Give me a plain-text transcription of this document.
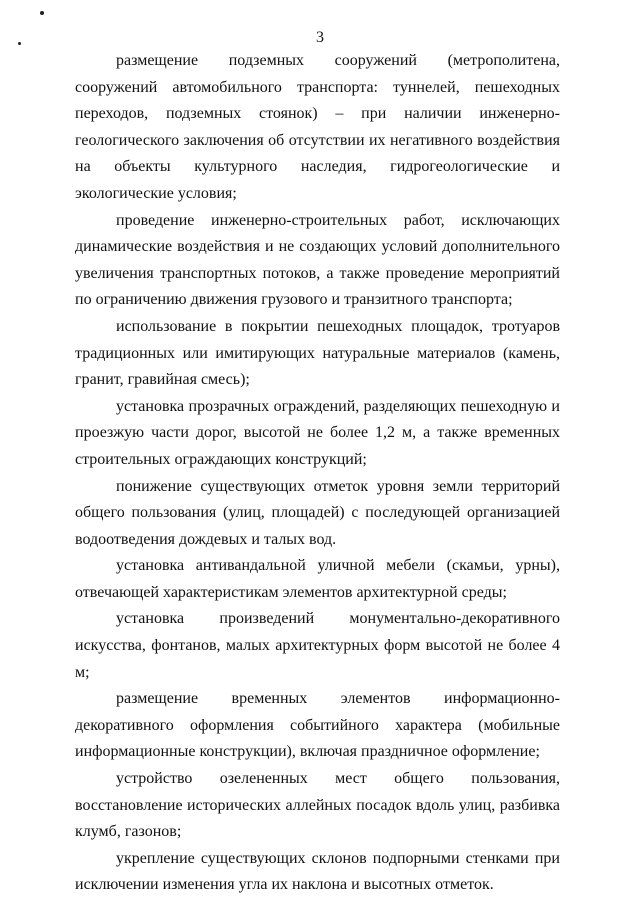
3

размещение подземных сооружений (метрополитена, сооружений автомобильного транспорта: туннелей, пешеходных переходов, подземных стоянок) – при наличии инженерно-геологического заключения об отсутствии их негативного воздействия на объекты культурного наследия, гидрогеологические и экологические условия;

проведение инженерно-строительных работ, исключающих динамические воздействия и не создающих условий дополнительного увеличения транспортных потоков, а также проведение мероприятий по ограничению движения грузового и транзитного транспорта;

использование в покрытии пешеходных площадок, тротуаров традиционных или имитирующих натуральные материалов (камень, гранит, гравийная смесь);

установка прозрачных ограждений, разделяющих пешеходную и проезжую части дорог, высотой не более 1,2 м, а также временных строительных ограждающих конструкций;

понижение существующих отметок уровня земли территорий общего пользования (улиц, площадей) с последующей организацией водоотведения дождевых и талых вод.

установка антивандальной уличной мебели (скамьи, урны), отвечающей характеристикам элементов архитектурной среды;

установка произведений монументально-декоративного искусства, фонтанов, малых архитектурных форм высотой не более 4 м;

размещение временных элементов информационно-декоративного оформления событийного характера (мобильные информационные конструкции), включая праздничное оформление;

устройство озелененных мест общего пользования, восстановление исторических аллейных посадок вдоль улиц, разбивка клумб, газонов;

укрепление существующих склонов подпорными стенками при исключении изменения угла их наклона и высотных отметок.
